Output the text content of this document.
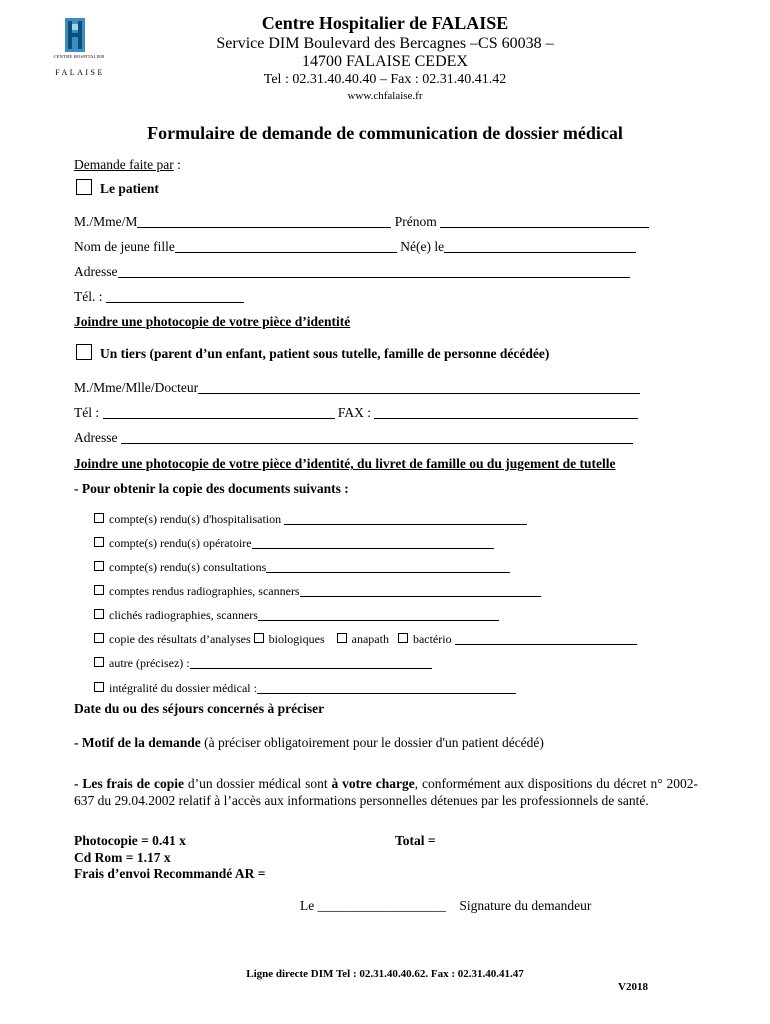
CENTRE HOSPITALIER
FALAISE
Centre Hospitalier de FALAISE
Service DIM Boulevard des Bercagnes –CS 60038 –
14700 FALAISE CEDEX
Tel : 02.31.40.40.40 – Fax : 02.31.40.41.42
www.chfalaise.fr
Formulaire de demande de communication de dossier médical
Demande faite par :
Le patient
M./Mme/M	Prénom
Nom de jeune fille	Né(e) le
Adresse
Tél. :
Joindre une photocopie de votre pièce d’identité
Un tiers (parent d’un enfant, patient sous tutelle, famille de personne décédée)
M./Mme/Mlle/Docteur
Tél :	FAX :
Adresse
Joindre une photocopie de votre pièce d’identité, du livret de famille ou du jugement de tutelle
- Pour obtenir la copie des documents suivants :
compte(s) rendu(s) d'hospitalisation
compte(s) rendu(s) opératoire
compte(s) rendu(s) consultations
comptes rendus radiographies, scanners
clichés radiographies, scanners
copie des résultats d’analyses biologiques anapath bactério
autre (précisez) :
intégralité du dossier médical :
Date du ou des séjours concernés à préciser
- Motif de la demande (à préciser obligatoirement pour le dossier d'un patient décédé)
- Les frais de copie d’un dossier médical sont à votre charge, conformément aux dispositions du décret n° 2002-637 du 29.04.2002 relatif à l’accès aux informations personnelles détenues par les professionnels de santé.
Photocopie = 0.41 x	Total =
Cd Rom = 1.17 x
Frais d’envoi Recommandé AR =
Le ___________________ Signature du demandeur
Ligne directe DIM Tel : 02.31.40.40.62. Fax : 02.31.40.41.47
V2018
